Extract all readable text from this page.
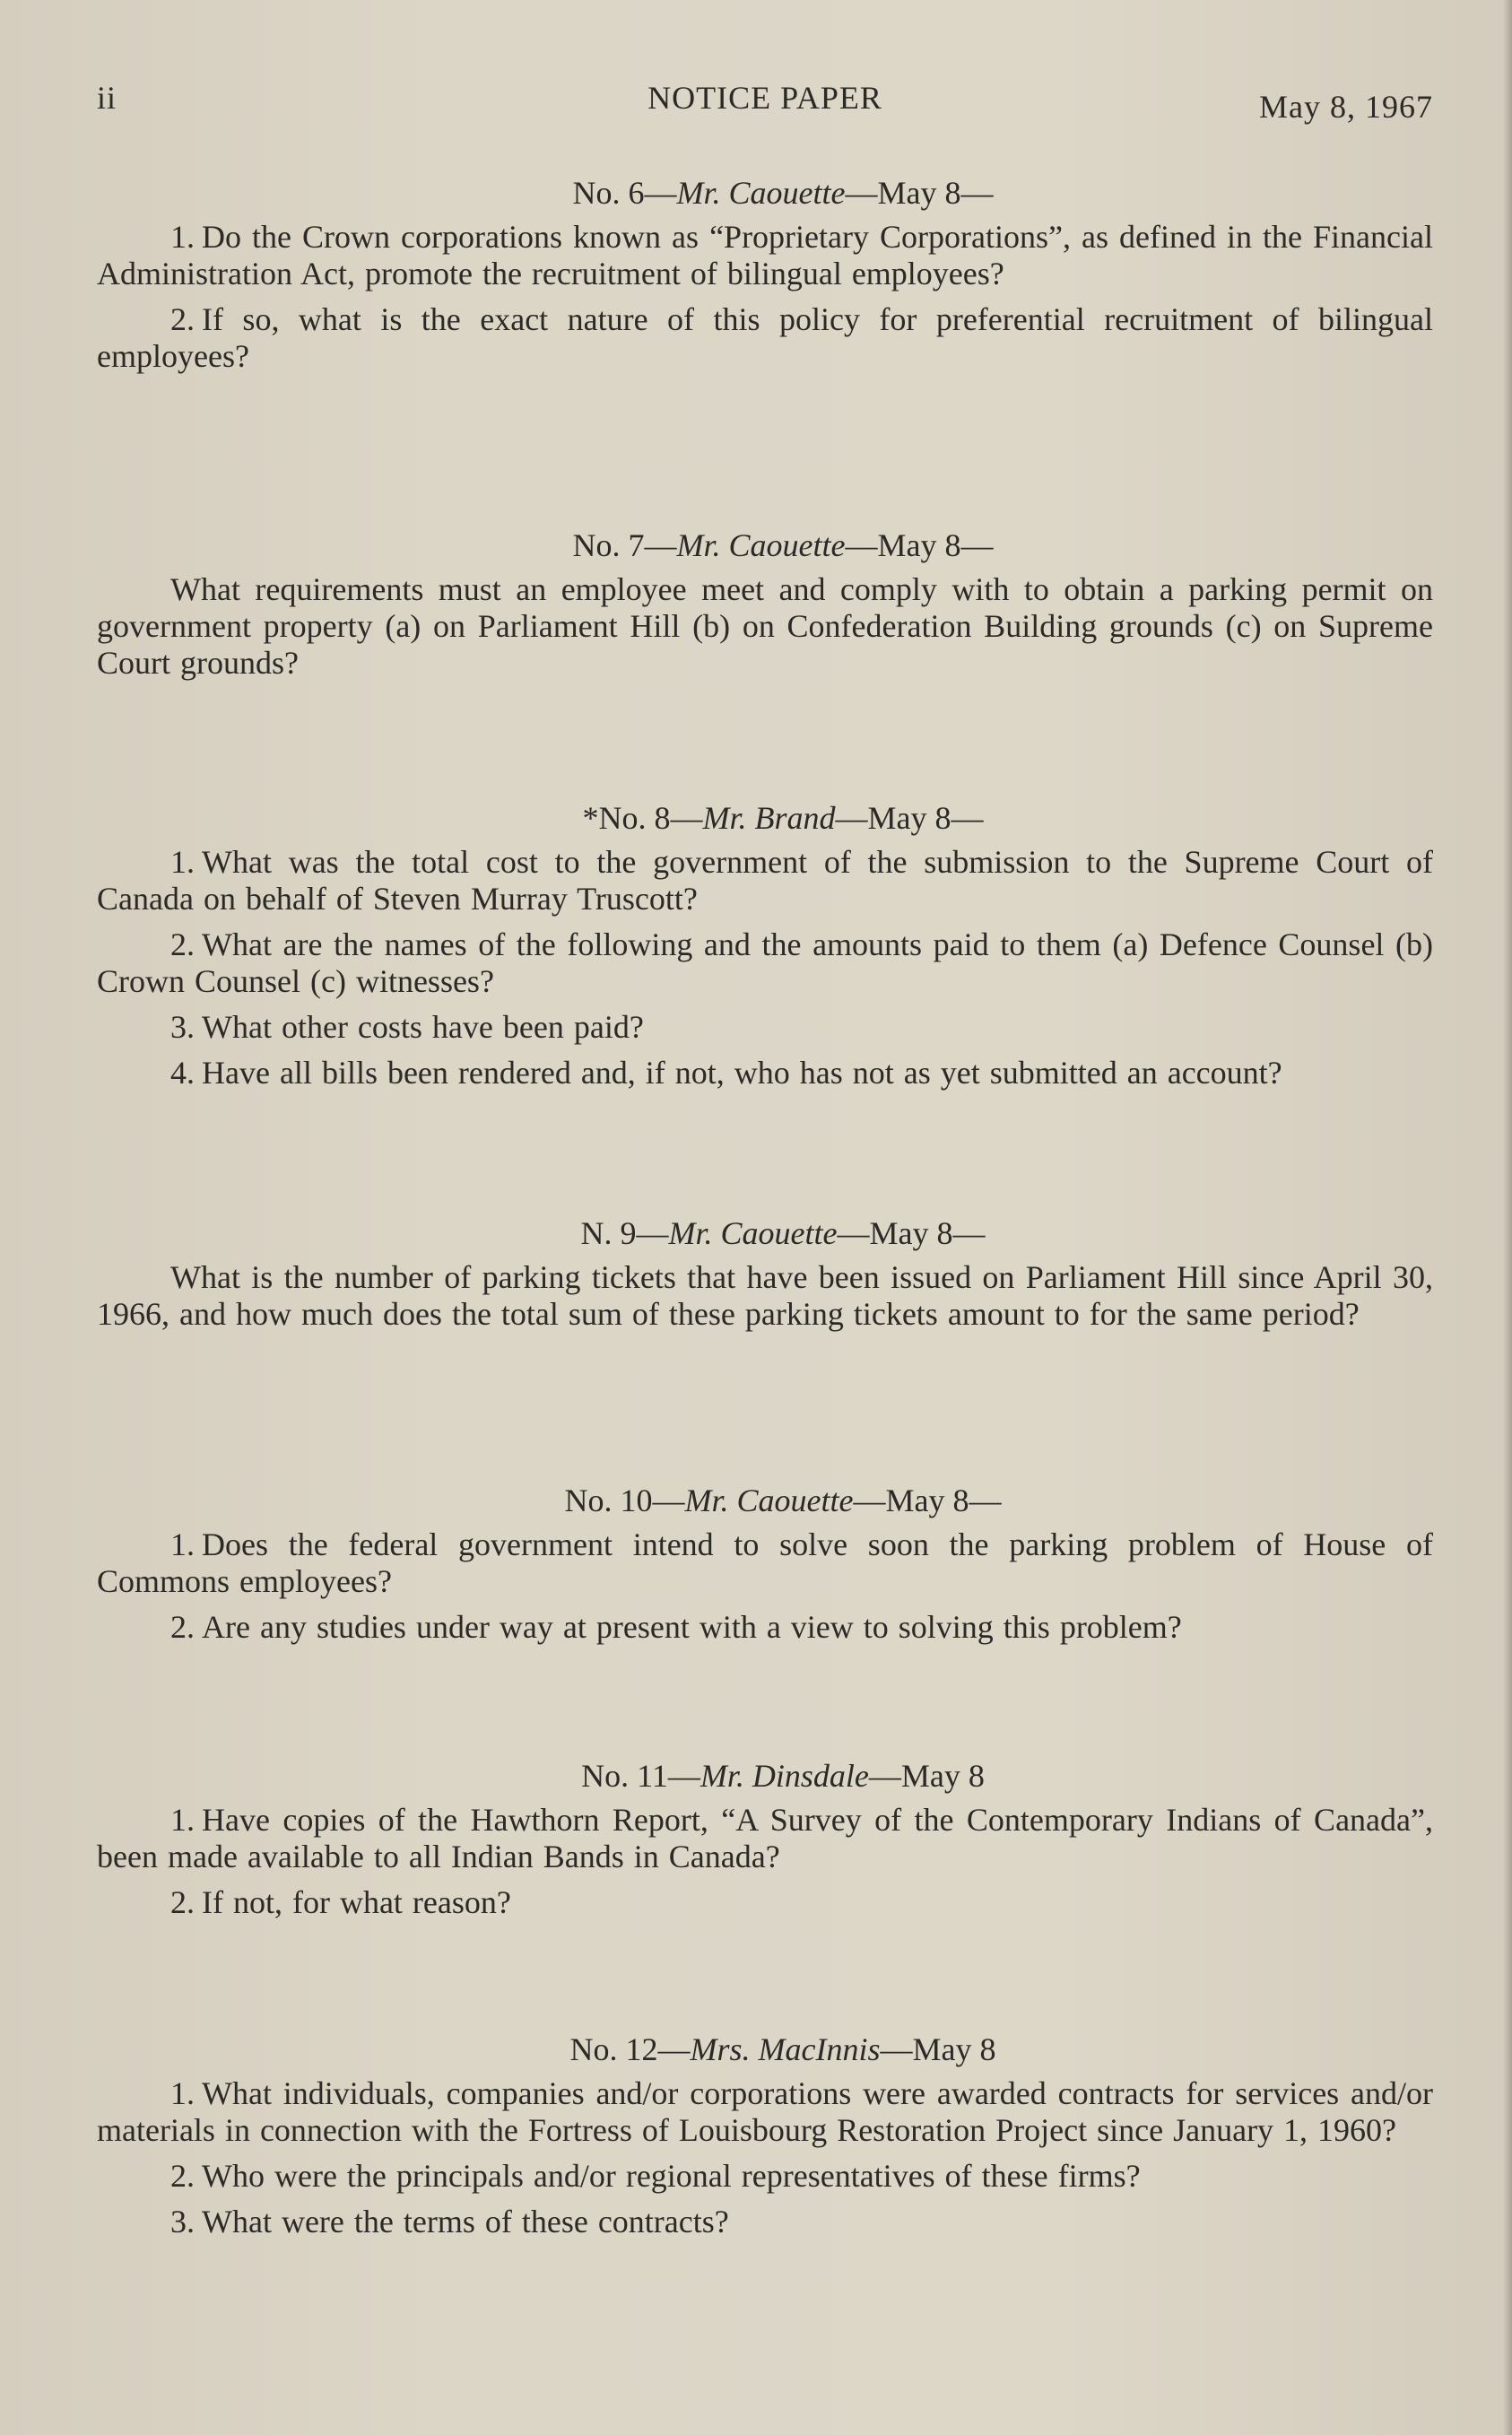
ii	NOTICE PAPER	May 8, 1967
No. 6—Mr. Caouette—May 8—

1. Do the Crown corporations known as “Proprietary Corporations”, as defined in the Financial Administration Act, promote the recruitment of bilingual employees?

2. If so, what is the exact nature of this policy for preferential recruitment of bilingual employees?

No. 7—Mr. Caouette—May 8—

What requirements must an employee meet and comply with to obtain a parking permit on government property (a) on Parliament Hill (b) on Confederation Building grounds (c) on Supreme Court grounds?

*No. 8—Mr. Brand—May 8—

1. What was the total cost to the government of the submission to the Supreme Court of Canada on behalf of Steven Murray Truscott?

2. What are the names of the following and the amounts paid to them (a) Defence Counsel (b) Crown Counsel (c) witnesses?

3. What other costs have been paid?

4. Have all bills been rendered and, if not, who has not as yet submitted an account?

N. 9—Mr. Caouette—May 8—

What is the number of parking tickets that have been issued on Parliament Hill since April 30, 1966, and how much does the total sum of these parking tickets amount to for the same period?

No. 10—Mr. Caouette—May 8—

1. Does the federal government intend to solve soon the parking problem of House of Commons employees?

2. Are any studies under way at present with a view to solving this problem?

No. 11—Mr. Dinsdale—May 8

1. Have copies of the Hawthorn Report, “A Survey of the Contemporary Indians of Canada”, been made available to all Indian Bands in Canada?

2. If not, for what reason?

No. 12—Mrs. MacInnis—May 8

1. What individuals, companies and/or corporations were awarded contracts for services and/or materials in connection with the Fortress of Louisbourg Restoration Project since January 1, 1960?

2. Who were the principals and/or regional representatives of these firms?

3. What were the terms of these contracts?
